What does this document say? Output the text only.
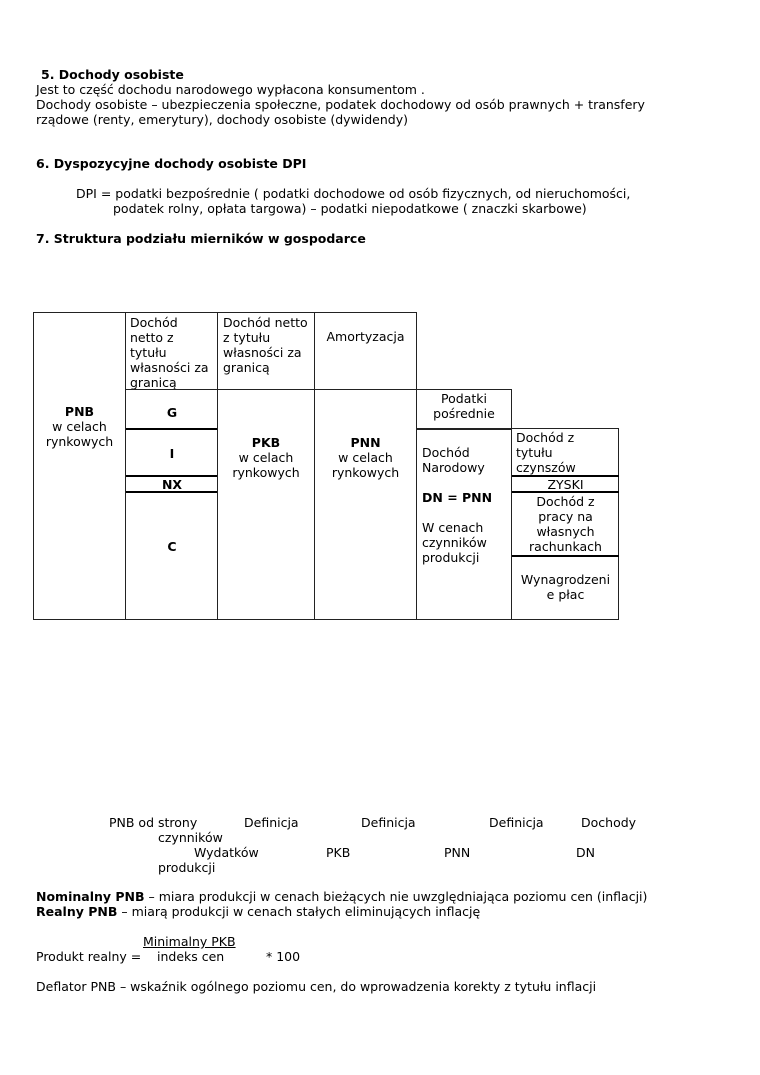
5. Dochody osobiste
Jest to część dochodu narodowego wypłacona konsumentom .
Dochody osobiste – ubezpieczenia społeczne, podatek dochodowy od osób prawnych + transfery
rządowe (renty, emerytury), dochody osobiste (dywidendy)
6. Dyspozycyjne dochody osobiste DPI
DPI = podatki bezpośrednie ( podatki dochodowe od osób fizycznych, od nieruchomości,
podatek rolny, opłata targowa) – podatki niepodatkowe ( znaczki skarbowe)
7. Struktura podziału mierników w gospodarce
PNB
w celach
rynkowych
Dochód
netto z
tytułu
własności za
granicą
G
I
NX
C
Dochód netto
z tytułu
własności za
granicą
PKB
w celach
rynkowych
Amortyzacja
PNN
w celach
rynkowych
Podatki
pośrednie
Dochód
Narodowy
DN = PNN
W cenach
czynników
produkcji
Dochód z
tytułu
czynszów
ZYSKI
Dochód z
pracy na
własnych
rachunkach
Wynagrodzeni
e płac
PNB od strony
czynników
Wydatków
produkcji
Definicja
PKB
Definicja
PNN
Definicja
DN
Dochody
Nominalny PNB – miara produkcji w cenach bieżących nie uwzględniająca poziomu cen (inflacji)
Realny PNB – miarą produkcji w cenach stałych eliminujących inflację
Minimalny PKB
Produkt realny = indeks cen	* 100
Deflator PNB – wskaźnik ogólnego poziomu cen, do wprowadzenia korekty z tytułu inflacji
